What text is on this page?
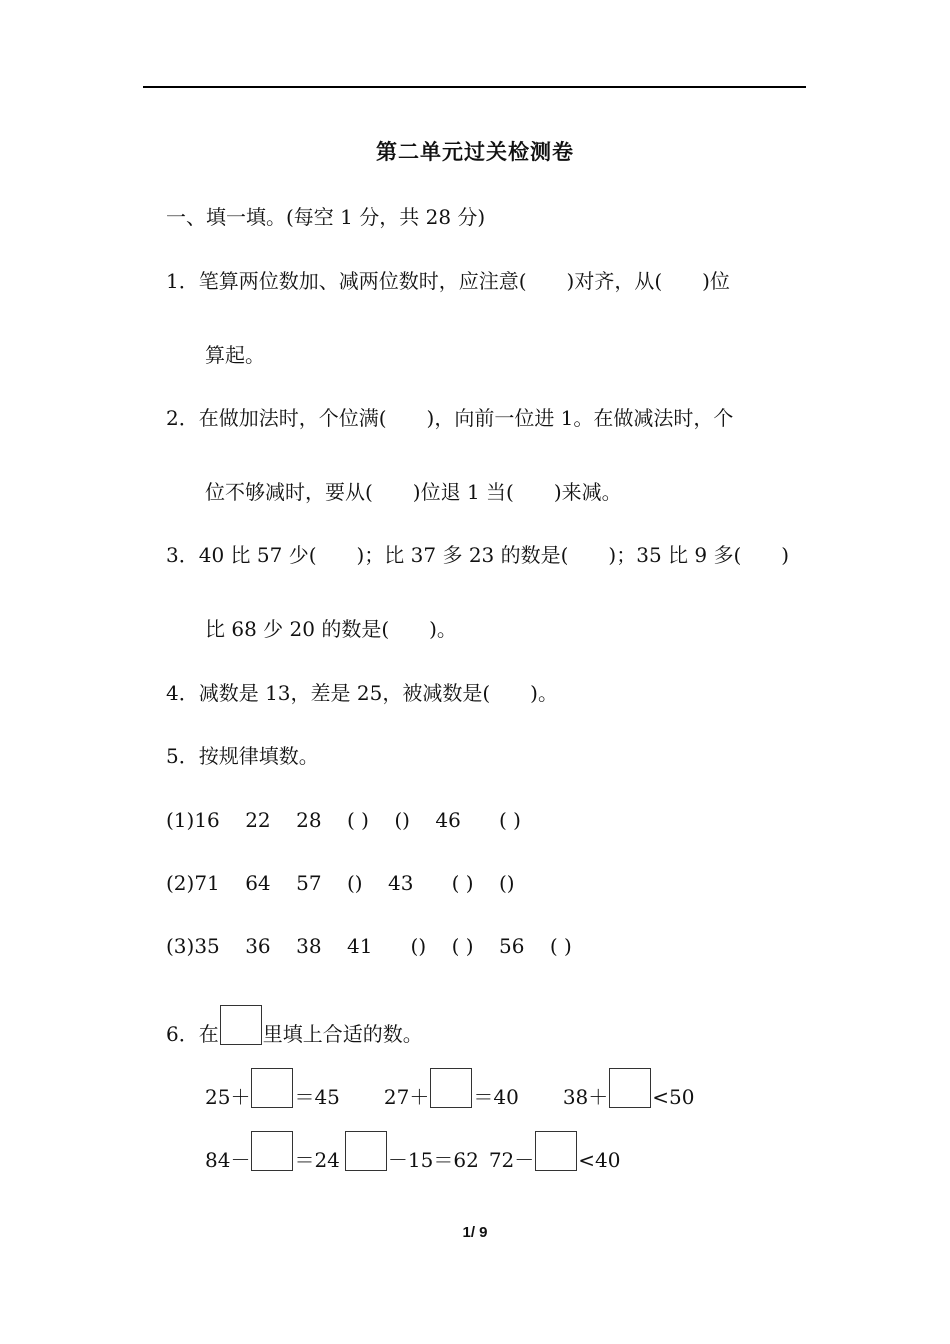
第二单元过关检测卷
一、填一填。(每空 1 分，共 28 分)
1．笔算两位数加、减两位数时，应注意(　　)对齐，从(　　)位
算起。
2．在做加法时，个位满(　　)，向前一位进 1。在做减法时，个
位不够减时，要从(　　)位退 1 当(　　)来减。
3．40 比 57 少(　　)；比 37 多 23 的数是(　　)；35 比 9 多(　　)
比 68 少 20 的数是(　　)。
4．减数是 13，差是 25，被减数是(　　)。
5．按规律填数。
(1)16    22    28    ( )    ()    46      ( )
(2)71    64    57    ()    43      ( )    ()
(3)35    36    38    41      ()    ( )    56    ( )
6．在 里填上合适的数。
25＋ ＝45 27＋ ＝40 38＋ <50
84－ ＝24 －15＝62 72－ <40
1/ 9
